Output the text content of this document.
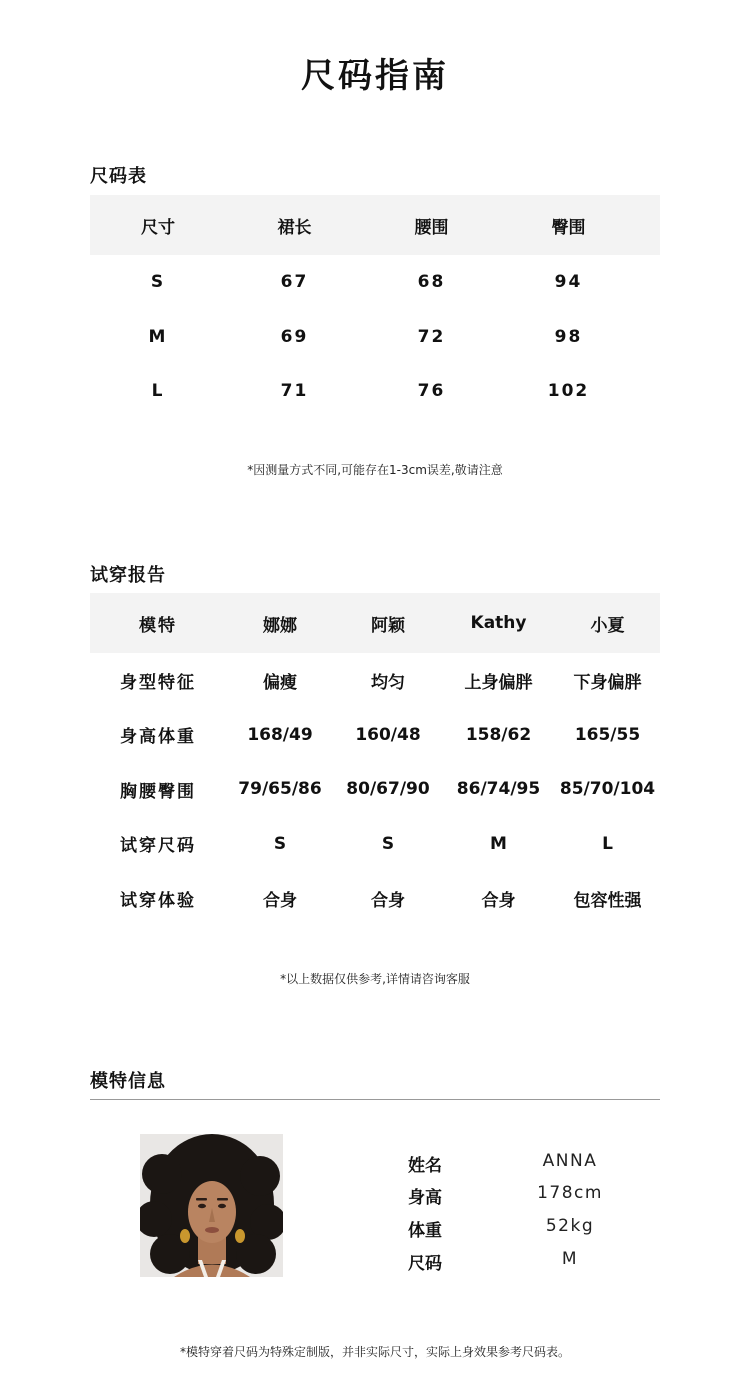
尺码指南
尺码表
尺寸	裙长	腰围	臀围
S	67	68	94
M	69	72	98
L	71	76	102
*因测量方式不同,可能存在1-3cm误差,敬请注意
试穿报告
模特	娜娜	阿颖	Kathy	小夏
身型特征	偏瘦	均匀	上身偏胖	下身偏胖
身高体重	168/49	160/48	158/62	165/55
胸腰臀围	79/65/86	80/67/90	86/74/95	85/70/104
试穿尺码	S	S	M	L
试穿体验	合身	合身	合身	包容性强
*以上数据仅供参考,详情请咨询客服
模特信息
姓名	ANNA
身高	178cm
体重	52kg
尺码	M
*模特穿着尺码为特殊定制版，并非实际尺寸，实际上身效果参考尺码表。
